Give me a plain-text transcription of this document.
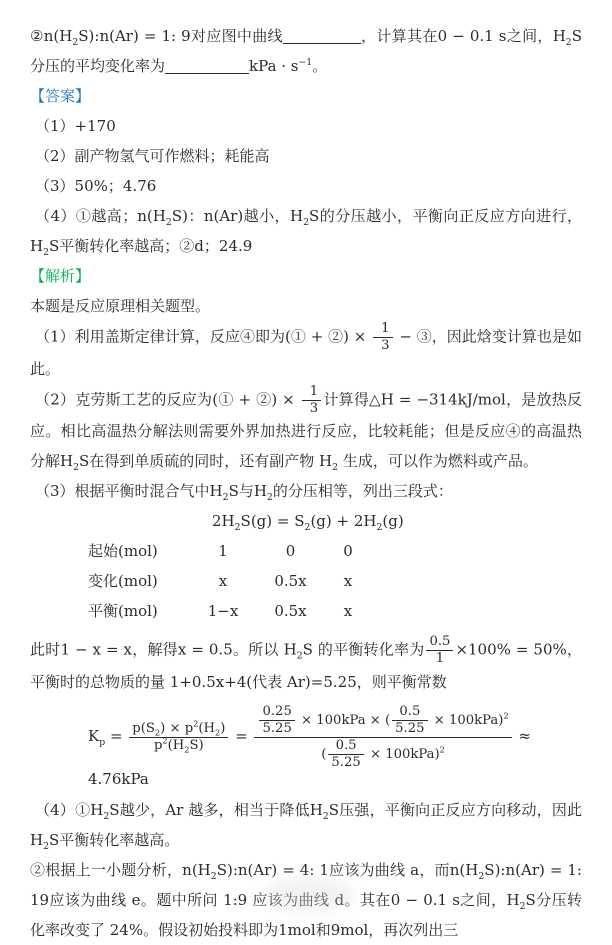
$②n(H_2S):n(Ar) = 1$: 9对应图中曲线	，计算其在0 − 0.1 s之间，$H_2S$分压的平均变化率为	kPa · $s^{-1}$。

【答案】

（1）+170

（2）副产物氢气可作燃料；耗能高

（3）50%；4.76

（4）①越高；$n(H_2S)$：n(Ar)越小，$H_2S$的分压越小，平衡向正反应方向进行，$H_2S$平衡转化率越高；②d；24.9

【解析】

本题是反应原理相关题型。

（1）利用盖斯定律计算，反应④即为(① + ②) × $\frac{1}{3}$ − ③，因此焓变计算也是如此。

（2）克劳斯工艺的反应为(① + ②) × $\frac{1}{3}$ 计算得△H = −314kJ/mol，是放热反应。相比高温热分解法则需要外界加热进行反应，比较耗能；但是反应④的高温热分解$H_2S$在得到单质硫的同时，还有副产物 $H_2$ 生成，可以作为燃料或产品。

（3）根据平衡时混合气中$H_2S$与$H_2$的分压相等，列出三段式：

$2H_2S(g) = S_2(g) + 2H_2(g)$
起始(mol)	1	0	0
变化(mol)	x	0.5x	x
平衡(mol)	1−x	0.5x	x

此时1 − x = x，解得x = 0.5。所以 $H_2S$ 的平衡转化率为 $\frac{0.5}{1} \times 100\% = 50\%$，平衡时的总物质的量 1+0.5x+4(代表 Ar)=5.25，则平衡常数

$K_p = \frac{p(S_2) \times p^2(H_2)}{p^2(H_2S)} = \frac{\frac{0.25}{5.25} \times 100kPa \times ( \frac{0.5}{5.25} \times 100kPa)^2}{( \frac{0.5}{5.25} \times 100kPa)^2} \approx 4.76kPa$

$(4)①H_2S$越少，Ar 越多，相当于降低$H_2S$压强，平衡向正反应方向移动，因此$H_2S$平衡转化率越高。

②根据上一小题分析，$n(H_2S):n(Ar) = 4$: 1应该为曲线 a，而$n(H_2S):n(Ar) = 1$: 19应该为曲线 e。题中所问 1:9 应该为曲线 d。其在0 − 0.1 s之间，$H_2S$分压转化率改变了 24%。假设初始投料即为1mol和9mol，再次列出三
